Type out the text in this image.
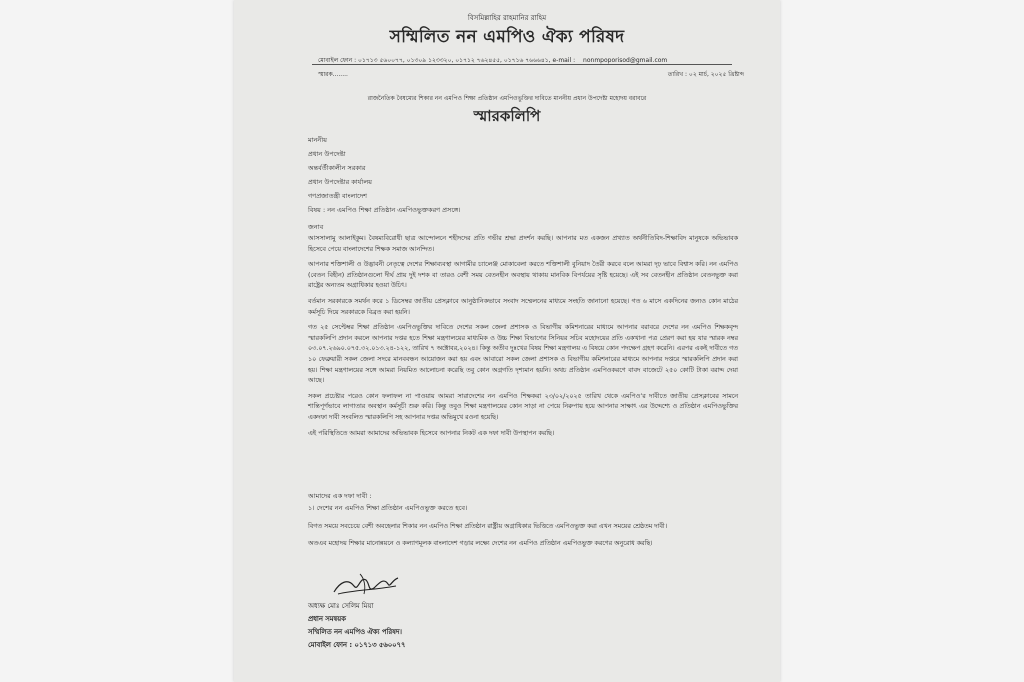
বিসমিল্লাহির রাহমানির রাহিম
সম্মিলিত নন এমপিও ঐক্য পরিষদ
মোবাইল ফোন : ০১৭১৩ ৫৬০০৭৭, ০১৩০৯ ১২৩৩২০, ০১৭১২ ৭৬২৪৫৫, ০১৭১৬ ৭৬৬৬৪১, e-mail : nonmpoporisod@gmail.com
স্মারক........	তারিখ : ০২ মার্চ, ২০২৫ খ্রিষ্টাব্দ
রাজনৈতিক বৈষম্যের শিকার নন এমপিও শিক্ষা প্রতিষ্ঠান এমপিওভুক্তির দাবিতে মাননীয় প্রধান উপদেষ্টা মহোদয় বরাবরে
স্মারকলিপি
মাননীয়
প্রধান উপদেষ্টা
অন্তর্বর্তীকালীন সরকার
প্রধান উপদেষ্টার কার্যালয়
গণপ্রজাতন্ত্রী বাংলাদেশ
বিষয় : নন এমপিও শিক্ষা প্রতিষ্ঠান এমপিওভুক্তকরণ প্রসঙ্গে।
জনাব

আসসালামু আলাইকুম। বৈষম্যবিরোধী ছাত্র আন্দোলনে শহীদদের প্রতি গভীর শ্রদ্ধা প্রদর্শন করছি। আপনার মত একজন প্রখ্যাত অর্থনীতিবিদ-শিক্ষাবিদ মানুষকে অভিভাবক হিসেবে পেয়ে বাংলাদেশের শিক্ষক সমাজ আনন্দিত।

আপনার শক্তিশালী ও উদ্ভাবনী নেতৃত্বে দেশের শিক্ষাব্যবস্থা আগামীর চ্যালেঞ্জ মোকাবেলা করতে শক্তিশালী বুনিয়াদ তৈরী করবে বলে আমরা দৃঢ় ভাবে বিশ্বাস করি। নন এমপিও (বেতন বিহীন) প্রতিষ্ঠানগুলো দীর্ঘ প্রায় দুই দশক বা তারও বেশী সময় বেতনহীন অবস্থায় থাকায় মানবিক বিপর্যয়ের সৃষ্টি হয়েছে। এই সব বেতনহীন প্রতিষ্ঠান বেতনভুক্ত করা রাষ্ট্রের অন্যতম অগ্রাধিকার হওয়া উচিৎ।

বর্তমান সরকারকে সমর্থন করে ১ ডিসেম্বর জাতীয় প্রেসক্লাবে আনুষ্ঠানিকভাবে সংবাদ সম্মেলনের মাধ্যমে সংহতি জানানো হয়েছে। গত ৬ মাসে একদিনের জন্যও কোন মাঠের কর্মসূচি দিয়ে সরকারকে বিব্রত করা হয়নি।

গত ২৫ সেপ্টেম্বর শিক্ষা প্রতিষ্ঠান এমপিওভুক্তির দাবিতে দেশের সকল জেলা প্রশাসক ও বিভাগীয় কমিশনারের মাধ্যমে আপনার বরাবরে দেশের নন এমপিও শিক্ষকবৃন্দ স্মারকলিপি প্রদান করলে আপনার দপ্তর হতে শিক্ষা মন্ত্রণালয়ের মাধ্যমিক ও উচ্চ শিক্ষা বিভাগের সিনিয়র সচিব মহোদয়ের প্রতি একখানা পত্র প্রেরণ করা হয় যার স্মারক নম্বর ০৩.০৭.২৬৯০.০৭৫.৩২.০১৩.২৪-১২২, তারিখ ৭ অক্টোবর,২০২৪। কিন্তু অতীব দুঃখের বিষয় শিক্ষা মন্ত্রণালয় এ বিষয়ে কোন পদক্ষেপ গ্রহণ করেনি। এরপর একই দাবীতে গত ১০ ফেব্রুয়ারী সকল জেলা সদরে মানববন্ধন আয়োজন করা হয় এবং আবারো সকল জেলা প্রশাসক ও বিভাগীয় কমিশনারের মাধ্যমে আপনার দপ্তরে স্মারকলিপি প্রদান করা হয়। শিক্ষা মন্ত্রণালয়ের সঙ্গে আমরা নিয়মিত আলোচনা করেছি তবু কোন অগ্রগতি দৃশ্যমান হয়নি। অথচ প্রতিষ্ঠান এমপিওকরণে বাবদ বাজেটে ২৫০ কোটি টাকা বরাদ্দ দেয়া আছে।

সকল প্রচেষ্টার পরেও কোন ফলাফল না পাওয়ায় আমরা সারাদেশের নন এমপিও শিক্ষকরা ২৩/০২/২০২৫ তারিখ থেকে এমপিও’র দাবীতে জাতীয় প্রেসক্লাবের সামনে শান্তিপূর্ণভাবে লাগাতার অবস্থান কর্মসূচী শুরু করি। কিন্তু তবুও শিক্ষা মন্ত্রণালয়ের কোন সাড়া না পেয়ে নিরুপায় হয়ে আপনার সাক্ষাৎ এর উদ্দেশ্যে ও প্রতিষ্ঠান এমপিওভুক্তির একদফা দাবী সংবলিত স্মারকলিপি সহ আপনার দপ্তর অভিমুখে রওনা হয়েছি।

এই পরিস্থিতিতে আমরা আমাদের অভিভাবক হিসেবে আপনার নিকট এক দফা দাবী উপস্থাপন করছি।

আমাদের এক দফা দাবী :
১। দেশের নন এমপিও শিক্ষা প্রতিষ্ঠান এমপিওভুক্ত করতে হবে।

বিগত সময়ে সবচেয়ে বেশী অবহেলার শিকার নন এমপিও শিক্ষা প্রতিষ্ঠান রাষ্ট্রীয় অগ্রাধিকার ভিত্তিতে এমপিওভুক্ত করা এখন সময়ের শ্রেষ্ঠতম দাবী।

অতএব মহোদয় শিক্ষার মানোন্নয়নে ও কল্যাণমূলক বাংলাদেশ গড়ার লক্ষ্যে দেশের নন এমপিও প্রতিষ্ঠান এমপিওভুক্ত করণের অনুরোধ করছি।

অধ্যক্ষ মোঃ সেলিম মিয়া
প্রধান সমন্বয়ক
সম্মিলিত নন এমপিও ঐক্য পরিষদ।
মোবাইল ফোন : ০১৭১৩ ৫৬০০৭৭
